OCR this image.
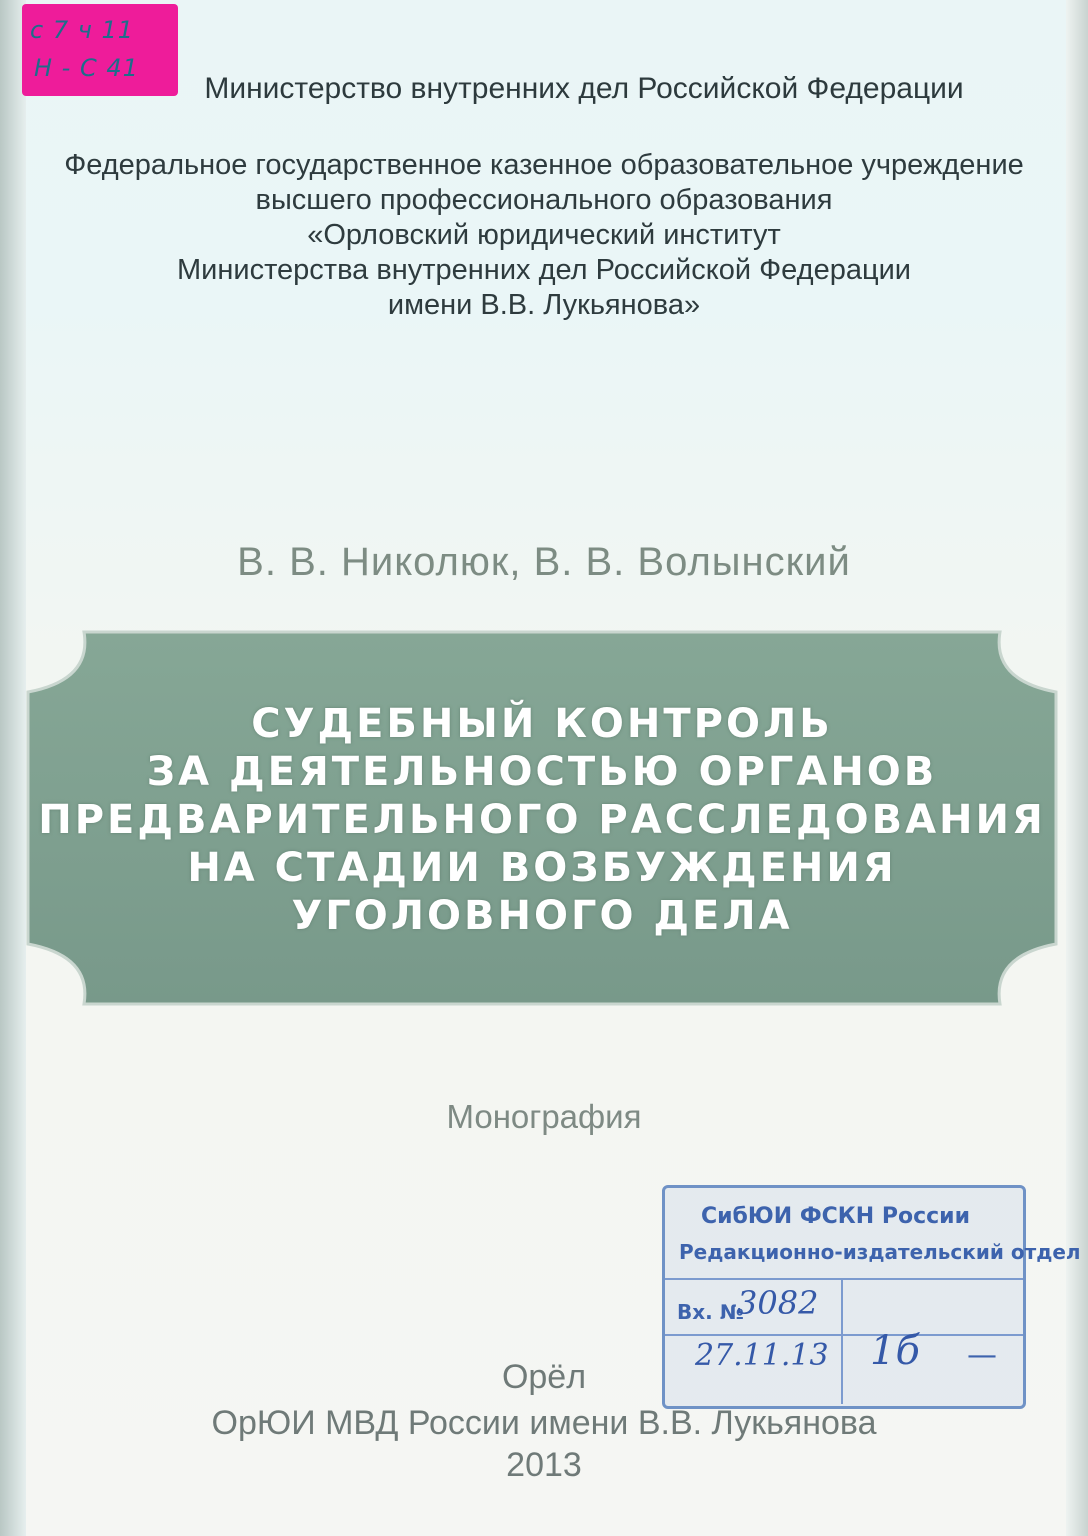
с 7 ч 11
Н - С 41
Министерство внутренних дел Российской Федерации
Федеральное государственное казенное образовательное учреждение
высшего профессионального образования
«Орловский юридический институт
Министерства внутренних дел Российской Федерации
имени В.В. Лукьянова»
В. В. Николюк, В. В. Волынский
СУДЕБНЫЙ КОНТРОЛЬ
ЗА ДЕЯТЕЛЬНОСТЬЮ ОРГАНОВ
ПРЕДВАРИТЕЛЬНОГО РАССЛЕДОВАНИЯ
НА СТАДИИ ВОЗБУЖДЕНИЯ
УГОЛОВНОГО ДЕЛА
Монография
СибЮИ ФСКН России
Редакционно-издательский отдел
Вх. №
3082
27.11.13 1б —
Орёл
ОрЮИ МВД России имени В.В. Лукьянова
2013
